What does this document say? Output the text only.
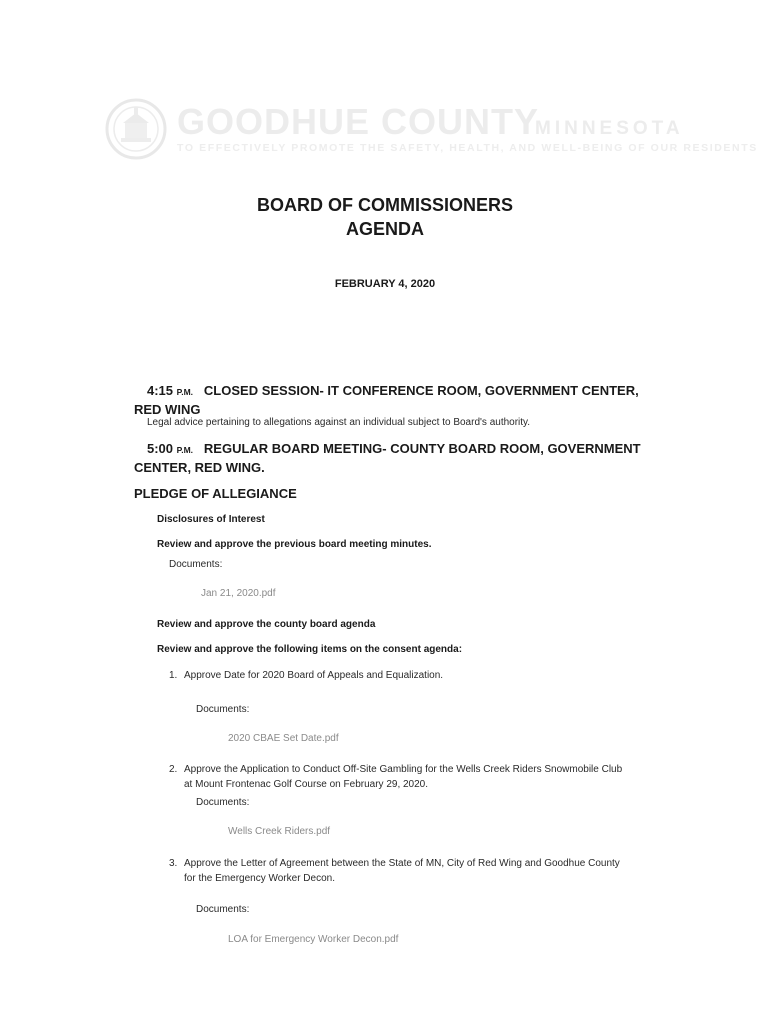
GOODHUE COUNTY
MINNESOTA
TO EFFECTIVELY PROMOTE THE SAFETY, HEALTH, AND WELL-BEING OF OUR RESIDENTS
BOARD OF COMMISSIONERS
AGENDA
FEBRUARY 4, 2020
4:15 P.M. CLOSED SESSION- IT CONFERENCE ROOM, GOVERNMENT CENTER,
RED WING
Legal advice pertaining to allegations against an individual subject to Board's authority.
5:00 P.M. REGULAR BOARD MEETING- COUNTY BOARD ROOM, GOVERNMENT
CENTER, RED WING.
PLEDGE OF ALLEGIANCE
Disclosures of Interest
Review and approve the previous board meeting minutes.
Documents:
Jan 21, 2020.pdf
Review and approve the county board agenda
Review and approve the following items on the consent agenda:
1. Approve Date for 2020 Board of Appeals and Equalization.
Documents:
2020 CBAE Set Date.pdf
2. Approve the Application to Conduct Off-Site Gambling for the Wells Creek Riders Snowmobile Club
at Mount Frontenac Golf Course on February 29, 2020.
Documents:
Wells Creek Riders.pdf
3. Approve the Letter of Agreement between the State of MN, City of Red Wing and Goodhue County
for the Emergency Worker Decon.
Documents:
LOA for Emergency Worker Decon.pdf
